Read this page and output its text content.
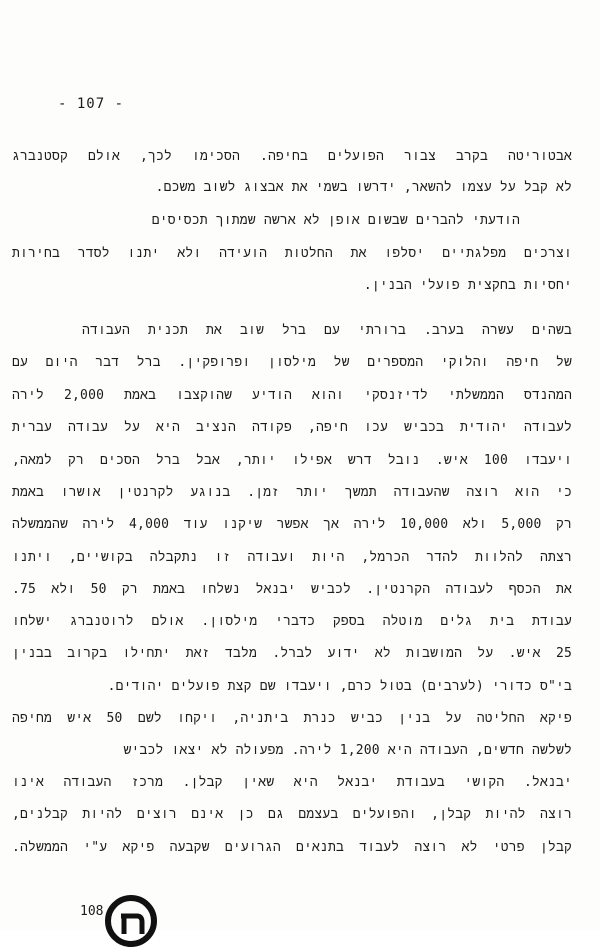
- 107 -
אבטוריטה בקרב צבור הפועלים בחיפה. הסכימו לכך, אולם קסטנברג
לא קבל על עצמו להשאר, ידרשו בשמי את אבצוג לשוב משכם.
הודעתי להברים שבשום אופן לא ארשה שמתוך תכסיסים
וצרכים מפלגתיים יסלפו את החלטות הועידה ולא יתנו לסדר בחירות
יחסיות בחקצית פועלי הבנין.
בשהים עשרה בערב. ברורתי עם ברל שוב את תכנית העבודה
של חיפה והלוקי המספרים של מילסון ופרופקין. ברל דבר היום עם
המהנדס הממשלתי לדיזנסקי והוא הודיע שהוקצבו באמת 2,000 לירה
לעבודה יהודית בכביש עכו חיפה, פקודה הנציב היא על עבודה עברית
ויעבדו 100 איש. נובל דרש אפילו יותר, אבל ברל הסכים רק למאה,
כי הוא רוצה שהעבודה תמשך יותר זמן. בנוגע לקרנטין אושרו באמת
רק 5,000 ולא 10,000 לירה אך אפשר שיקנו עוד 4,000 לירה שהממשלה
רצתה להלוות להדר הכרמל, היות ועבודה זו נתקבלה בקושיים, ויתנו
את הכסף לעבודה הקרנטין. לכביש יבנאל נשלחו באמת רק 50 ולא 75.
עבודת בית גלים מוטלה בספק כדברי מילסון. אולם לרוטנברג ישלחו
25 איש. על המושבות לא ידוע לברל. מלבד זאת יתחילו בקרוב בבנין
בי"ס כדורי (לערבים) בטול כרם, ויעבדו שם קצת פועלים יהודים.
פיקא החליטה על בנין כביש כנרת ביתניה, ויקחו לשם 50 איש מחיפה
לשלשה חדשים, העבודה היא 1,200 לירה. מפעולה לא יצאו לכביש
יבנאל. הקושי בעבודת יבנאל היא שאין קבלן. מרכז העבודה אינו
רוצה להיות קבלן, והפועלים בעצמם גם כן אינם רוצים להיות קבלנים,
קבלן פרטי לא רוצה לעבוד בתנאים הגרועים שקבעה פיקא ע"י הממשלה.
108.
